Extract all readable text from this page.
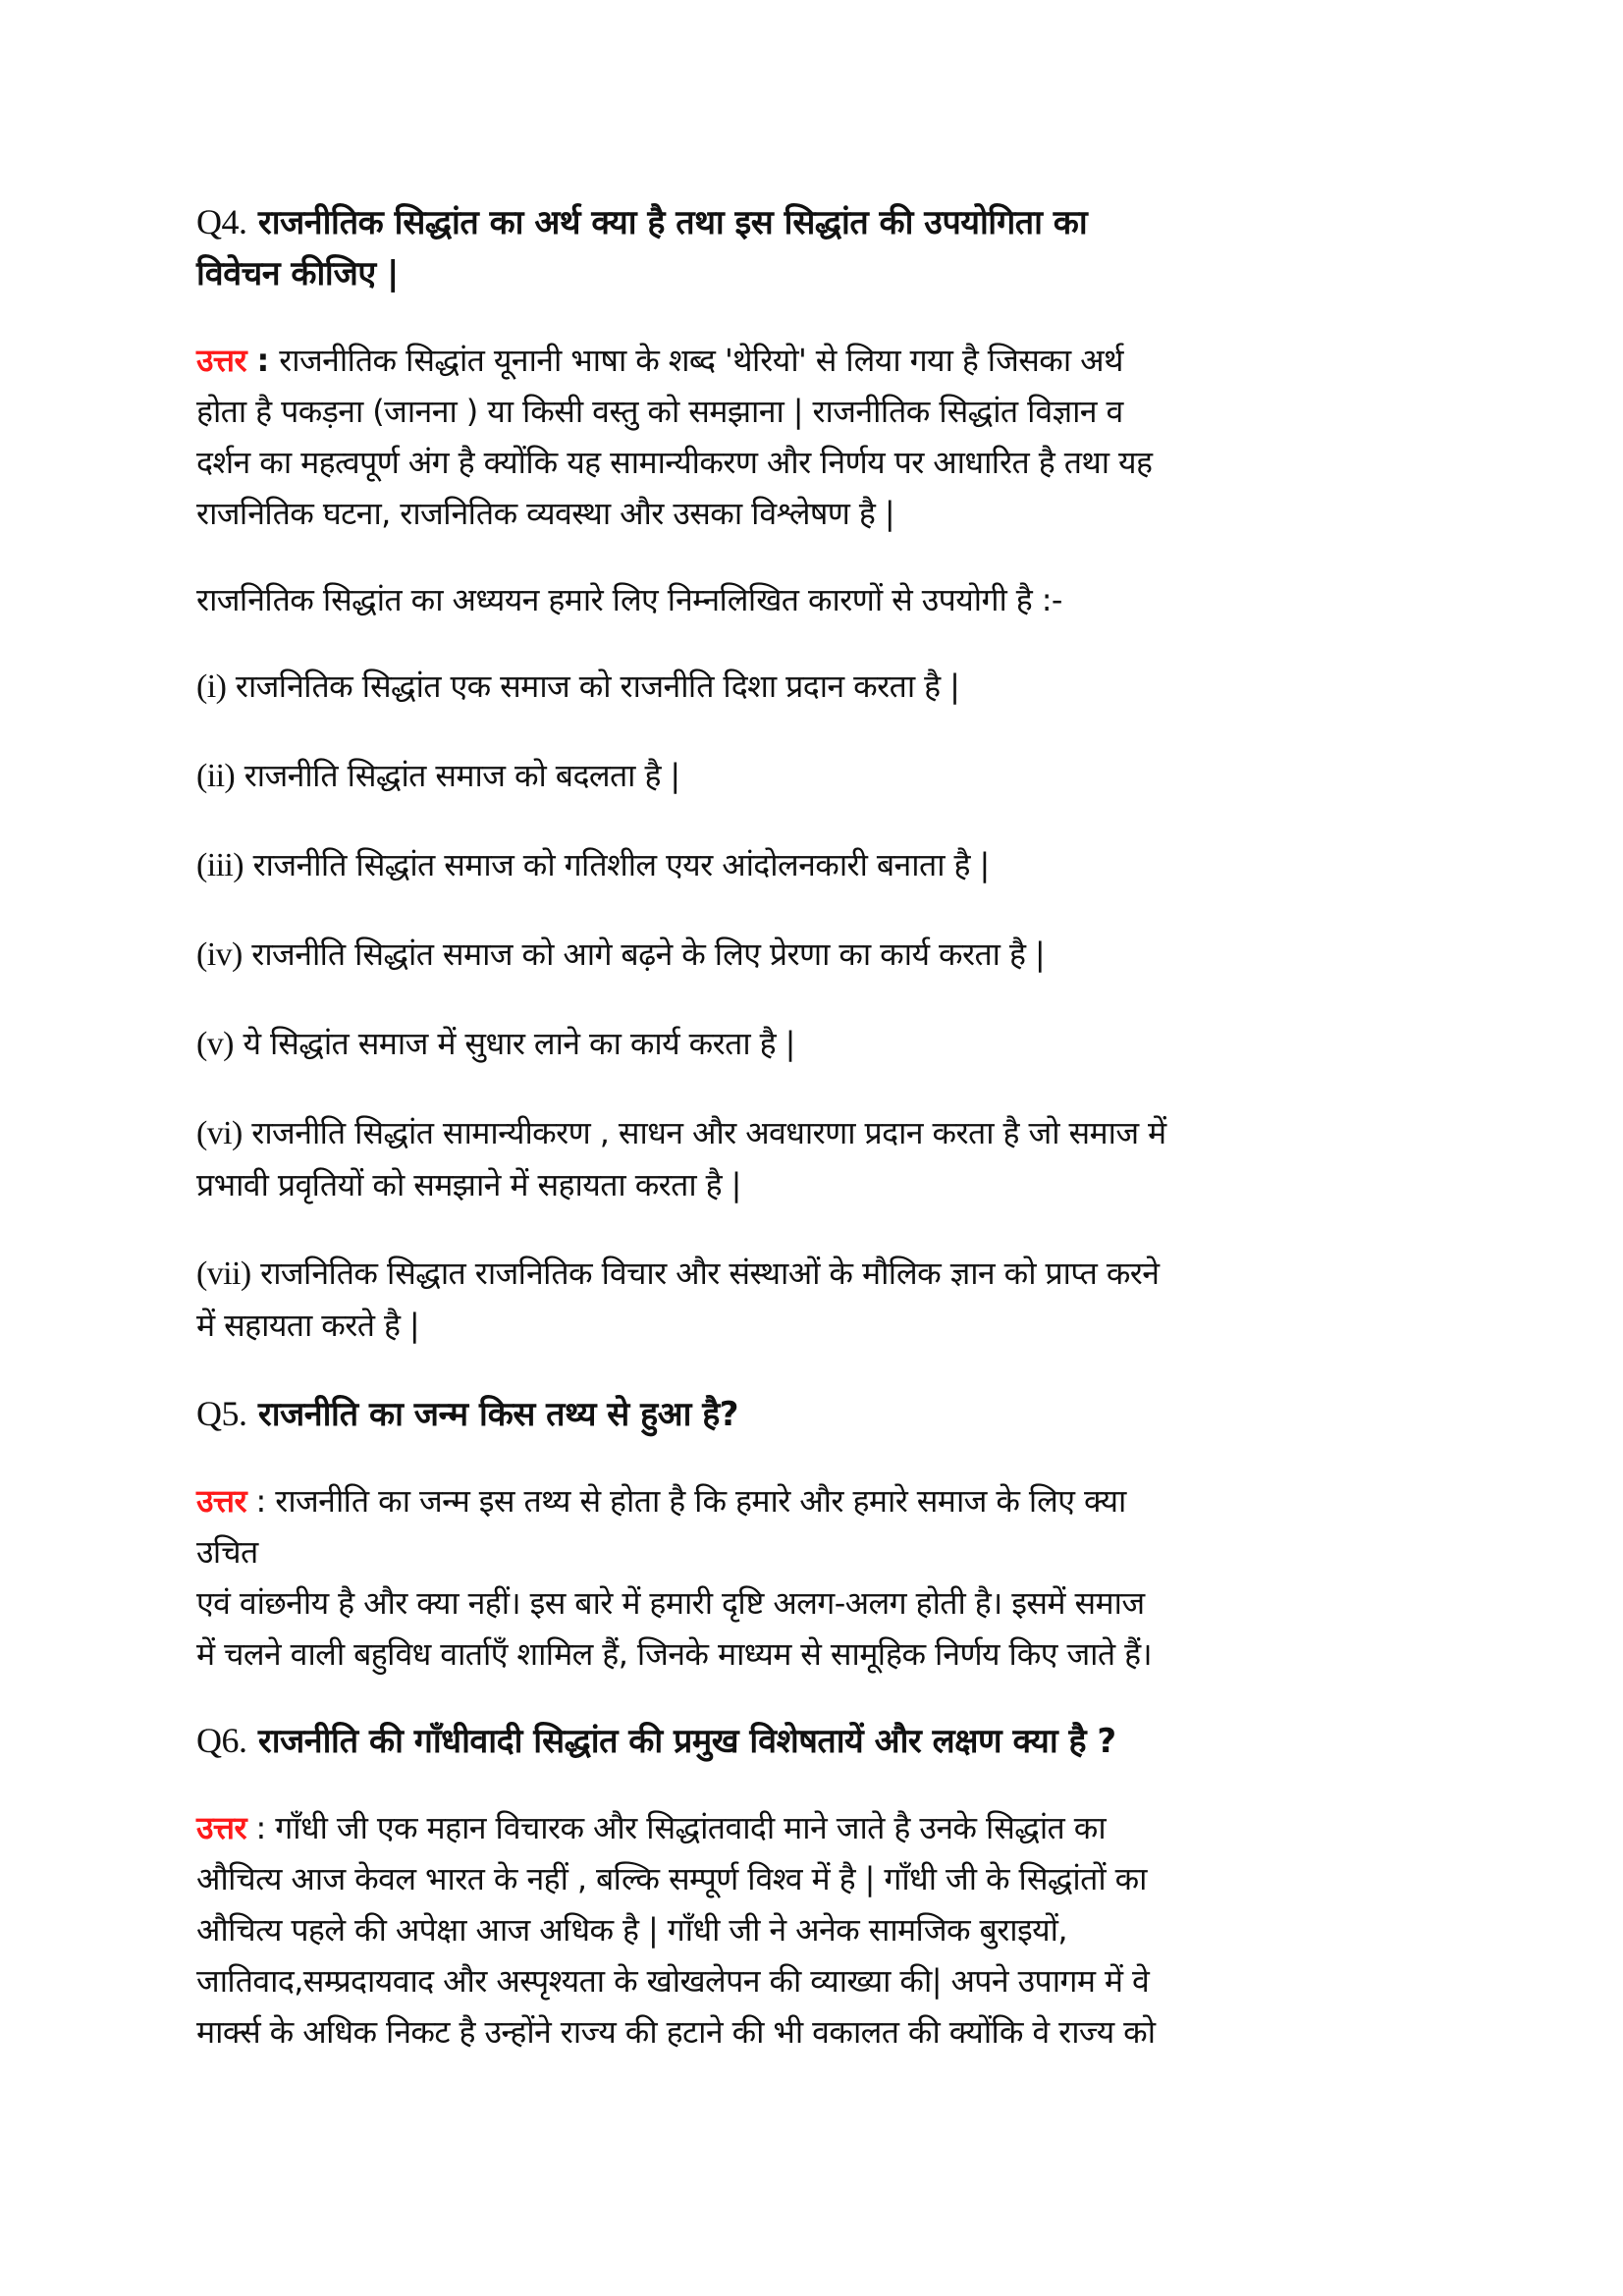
Q4. राजनीतिक सिद्धांत का अर्थ क्या है तथा इस सिद्धांत की उपयोगिता का
विवेचन कीजिए |

उत्तर : राजनीतिक सिद्धांत यूनानी भाषा के शब्द 'थेरियो' से लिया गया है जिसका अर्थ
होता है पकड़ना (जानना ) या किसी वस्तु को समझाना | राजनीतिक सिद्धांत विज्ञान व
दर्शन का महत्वपूर्ण अंग है क्योंकि यह सामान्यीकरण और निर्णय पर आधारित है तथा यह
राजनितिक घटना, राजनितिक व्यवस्था और उसका विश्लेषण है |

राजनितिक सिद्धांत का अध्ययन हमारे लिए निम्नलिखित कारणों से उपयोगी है :-

(i) राजनितिक सिद्धांत एक समाज को राजनीति दिशा प्रदान करता है |

(ii) राजनीति सिद्धांत समाज को बदलता है |

(iii) राजनीति सिद्धांत समाज को गतिशील एयर आंदोलनकारी बनाता है |

(iv) राजनीति सिद्धांत समाज को आगे बढ़ने के लिए प्रेरणा का कार्य करता है |

(v) ये सिद्धांत समाज में सुधार लाने का कार्य करता है |

(vi) राजनीति सिद्धांत सामान्यीकरण , साधन और अवधारणा प्रदान करता है जो समाज में
प्रभावी प्रवृतियों को समझाने में सहायता करता है |

(vii) राजनितिक सिद्धात राजनितिक विचार और संस्थाओं के मौलिक ज्ञान को प्राप्त करने
में सहायता करते है |

Q5. राजनीति का जन्म किस तथ्य से हुआ है?

उत्तर : राजनीति का जन्म इस तथ्य से होता है कि हमारे और हमारे समाज के लिए क्या
उचित
एवं वांछनीय है और क्या नहीं। इस बारे में हमारी दृष्टि अलग-अलग होती है। इसमें समाज
में चलने वाली बहुविध वार्ताएँ शामिल हैं, जिनके माध्यम से सामूहिक निर्णय किए जाते हैं।

Q6. राजनीति की गाँधीवादी सिद्धांत की प्रमुख विशेषतायें और लक्षण क्या है ?

उत्तर : गाँधी जी एक महान विचारक और सिद्धांतवादी माने जाते है उनके सिद्धांत का
औचित्य आज केवल भारत के नहीं , बल्कि सम्पूर्ण विश्व में है | गाँधी जी के सिद्धांतों का
औचित्य पहले की अपेक्षा आज अधिक है | गाँधी जी ने अनेक सामजिक बुराइयों,
जातिवाद,सम्प्रदायवाद और अस्पृश्यता के खोखलेपन की व्याख्या की| अपने उपागम में वे
मार्क्स के अधिक निकट है उन्होंने राज्य की हटाने की भी वकालत की क्योंकि वे राज्य को
